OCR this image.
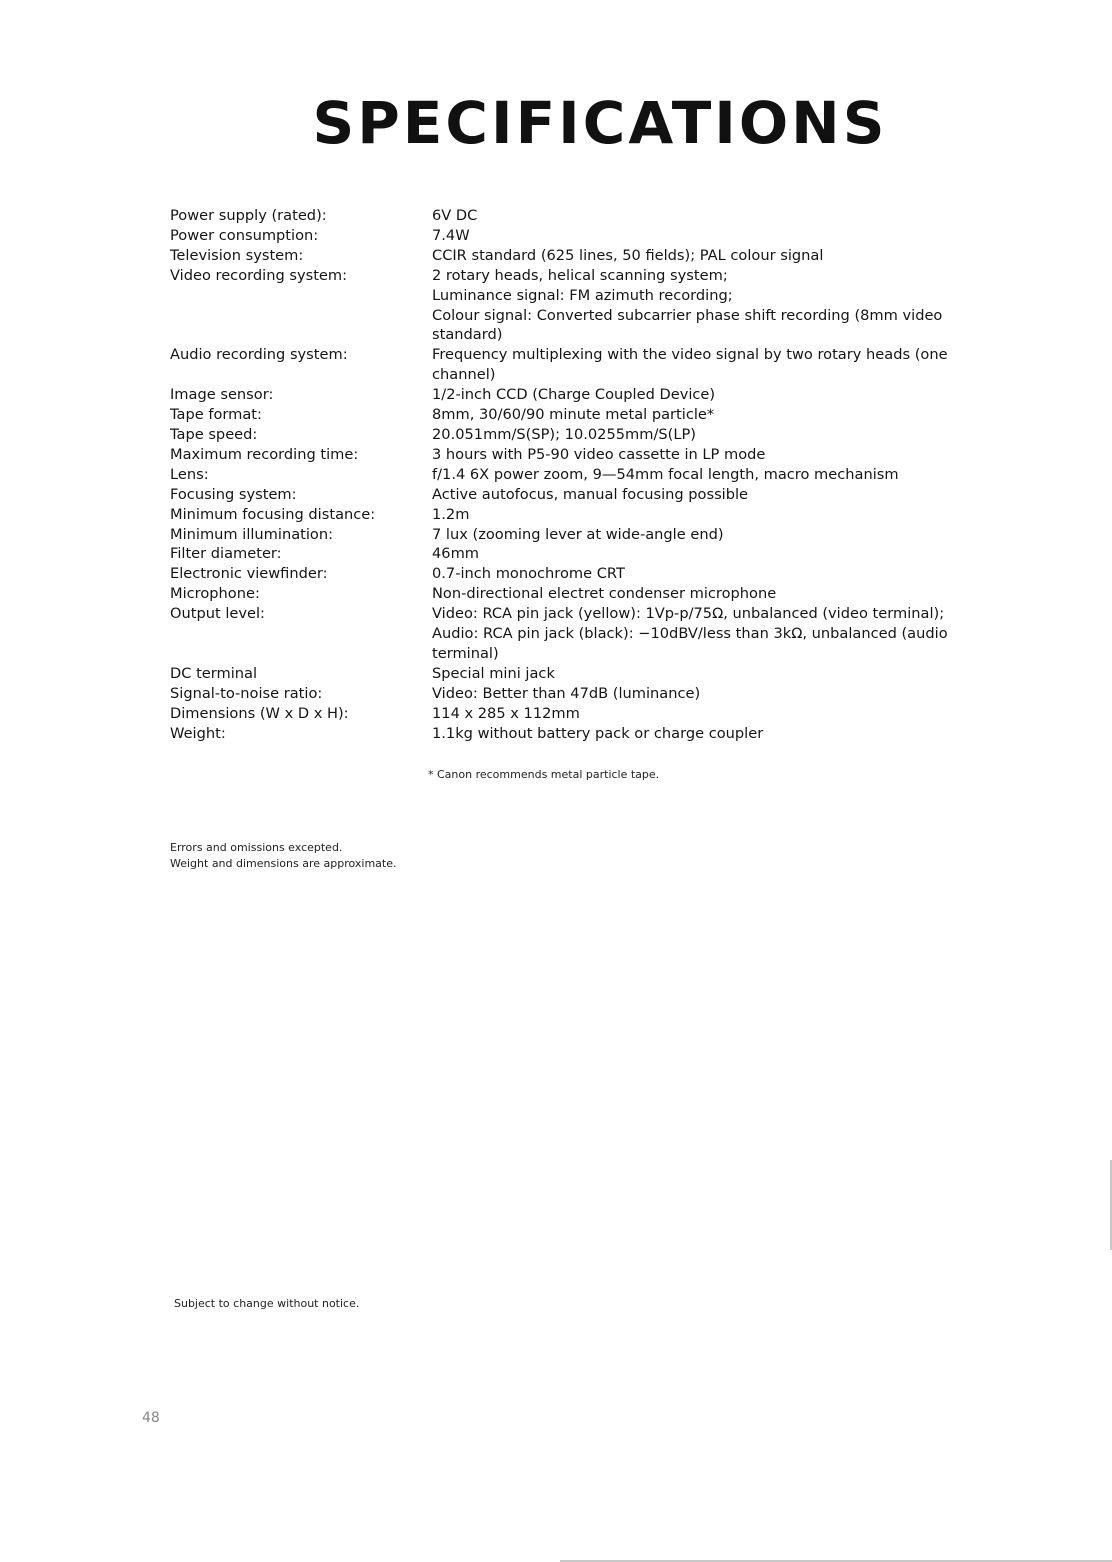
SPECIFICATIONS
Power supply (rated):	6V DC
Power consumption:	7.4W
Television system:	CCIR standard (625 lines, 50 fields); PAL colour signal
Video recording system:	2 rotary heads, helical scanning system;
Luminance signal: FM azimuth recording;
Colour signal: Converted subcarrier phase shift recording (8mm video
standard)
Audio recording system:	Frequency multiplexing with the video signal by two rotary heads (one
channel)
Image sensor:	1/2-inch CCD (Charge Coupled Device)
Tape format:	8mm, 30/60/90 minute metal particle*
Tape speed:	20.051mm/S(SP); 10.0255mm/S(LP)
Maximum recording time:	3 hours with P5-90 video cassette in LP mode
Lens:	f/1.4 6X power zoom, 9—54mm focal length, macro mechanism
Focusing system:	Active autofocus, manual focusing possible
Minimum focusing distance:	1.2m
Minimum illumination:	7 lux (zooming lever at wide-angle end)
Filter diameter:	46mm
Electronic viewfinder:	0.7-inch monochrome CRT
Microphone:	Non-directional electret condenser microphone
Output level:	Video: RCA pin jack (yellow): 1Vp-p/75Ω, unbalanced (video terminal);
Audio: RCA pin jack (black): −10dBV/less than 3kΩ, unbalanced (audio
terminal)
DC terminal	Special mini jack
Signal-to-noise ratio:	Video: Better than 47dB (luminance)
Dimensions (W x D x H):	114 x 285 x 112mm
Weight:	1.1kg without battery pack or charge coupler
* Canon recommends metal particle tape.
Errors and omissions excepted.
Weight and dimensions are approximate.
Subject to change without notice.
48
